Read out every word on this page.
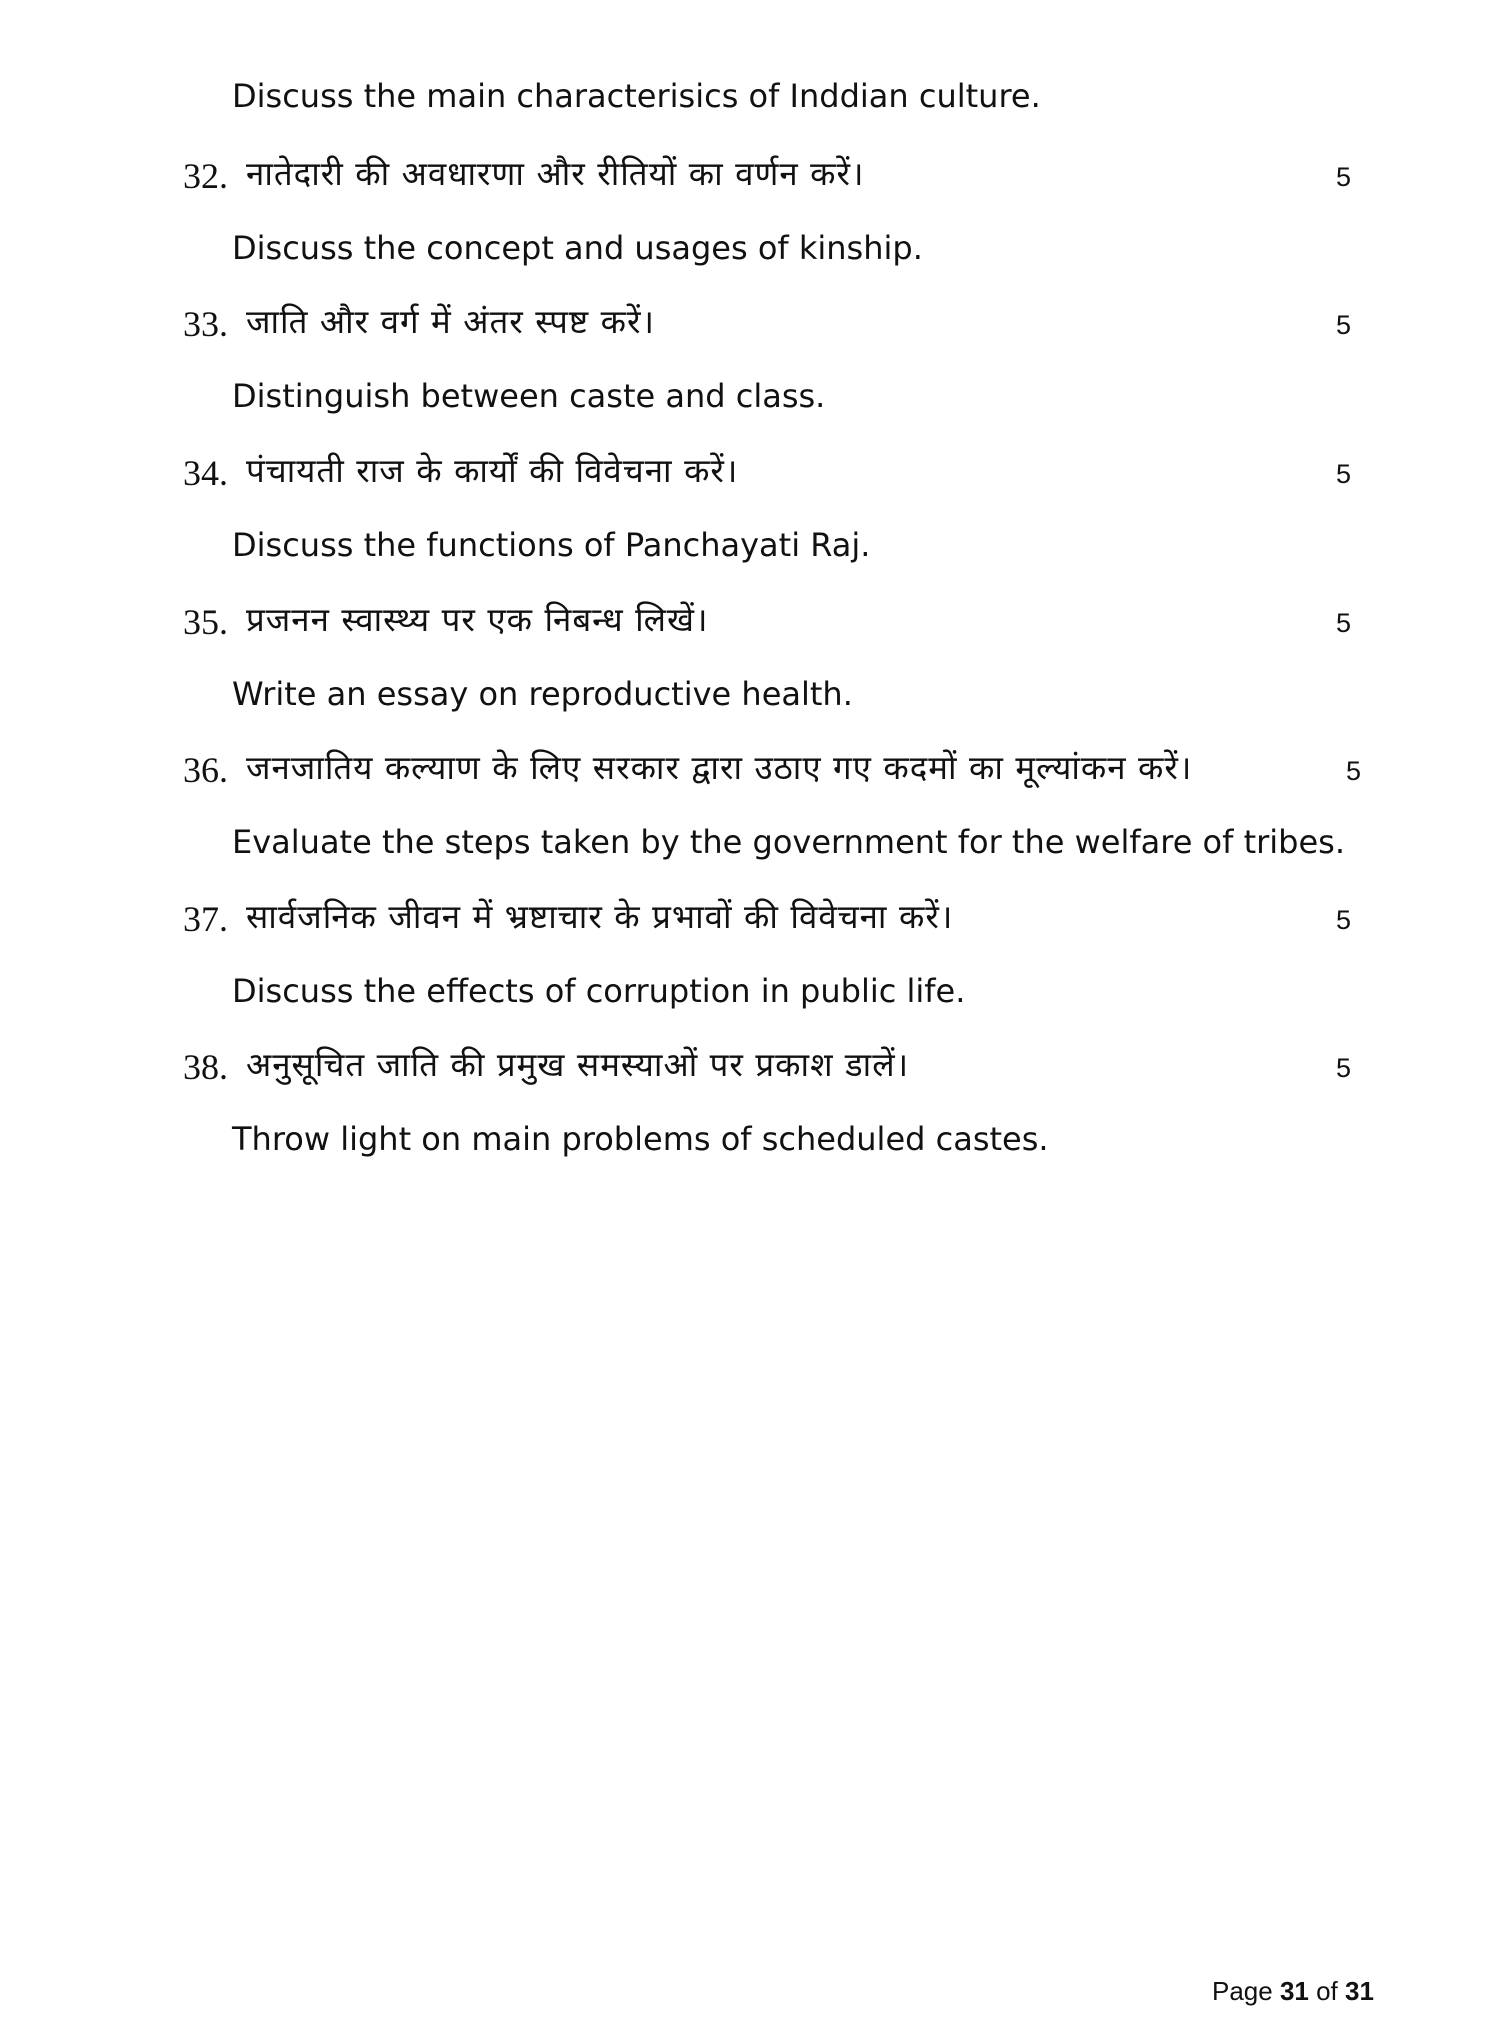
Discuss the main characterisics of Inddian culture.
32. नातेदारी की अवधारणा और रीतियों का वर्णन करें।	5
Discuss the concept and usages of kinship.
33. जाति और वर्ग में अंतर स्पष्ट करें।	5
Distinguish between caste and class.
34. पंचायती राज के कार्यों की विवेचना करें।	5
Discuss the functions of Panchayati Raj.
35. प्रजनन स्वास्थ्य पर एक निबन्ध लिखें।	5
Write an essay on reproductive health.
36. जनजातिय कल्याण के लिए सरकार द्वारा उठाए गए कदमों का मूल्यांकन करें।	5
Evaluate the steps taken by the government for the welfare of tribes.
37. सार्वजनिक जीवन में भ्रष्टाचार के प्रभावों की विवेचना करें।	5
Discuss the effects of corruption in public life.
38. अनुसूचित जाति की प्रमुख समस्याओं पर प्रकाश डालें।	5
Throw light on main problems of scheduled castes.
Page 31 of 31
